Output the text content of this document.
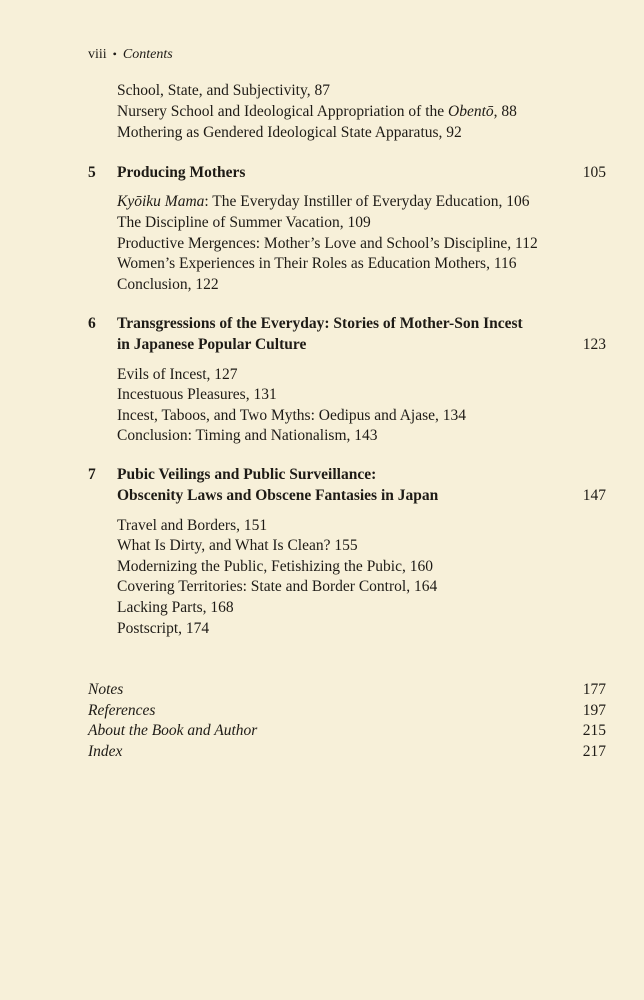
viii • Contents
School, State, and Subjectivity, 87
Nursery School and Ideological Appropriation of the Obentō, 88
Mothering as Gendered Ideological State Apparatus, 92
5 Producing Mothers	105
Kyōiku Mama: The Everyday Instiller of Everyday Education, 106
The Discipline of Summer Vacation, 109
Productive Mergences: Mother’s Love and School’s Discipline, 112
Women’s Experiences in Their Roles as Education Mothers, 116
Conclusion, 122
6 Transgressions of the Everyday: Stories of Mother-Son Incest
in Japanese Popular Culture	123
Evils of Incest, 127
Incestuous Pleasures, 131
Incest, Taboos, and Two Myths: Oedipus and Ajase, 134
Conclusion: Timing and Nationalism, 143
7 Pubic Veilings and Public Surveillance:
Obscenity Laws and Obscene Fantasies in Japan	147
Travel and Borders, 151
What Is Dirty, and What Is Clean? 155
Modernizing the Public, Fetishizing the Pubic, 160
Covering Territories: State and Border Control, 164
Lacking Parts, 168
Postscript, 174
Notes	177
References	197
About the Book and Author	215
Index	217
